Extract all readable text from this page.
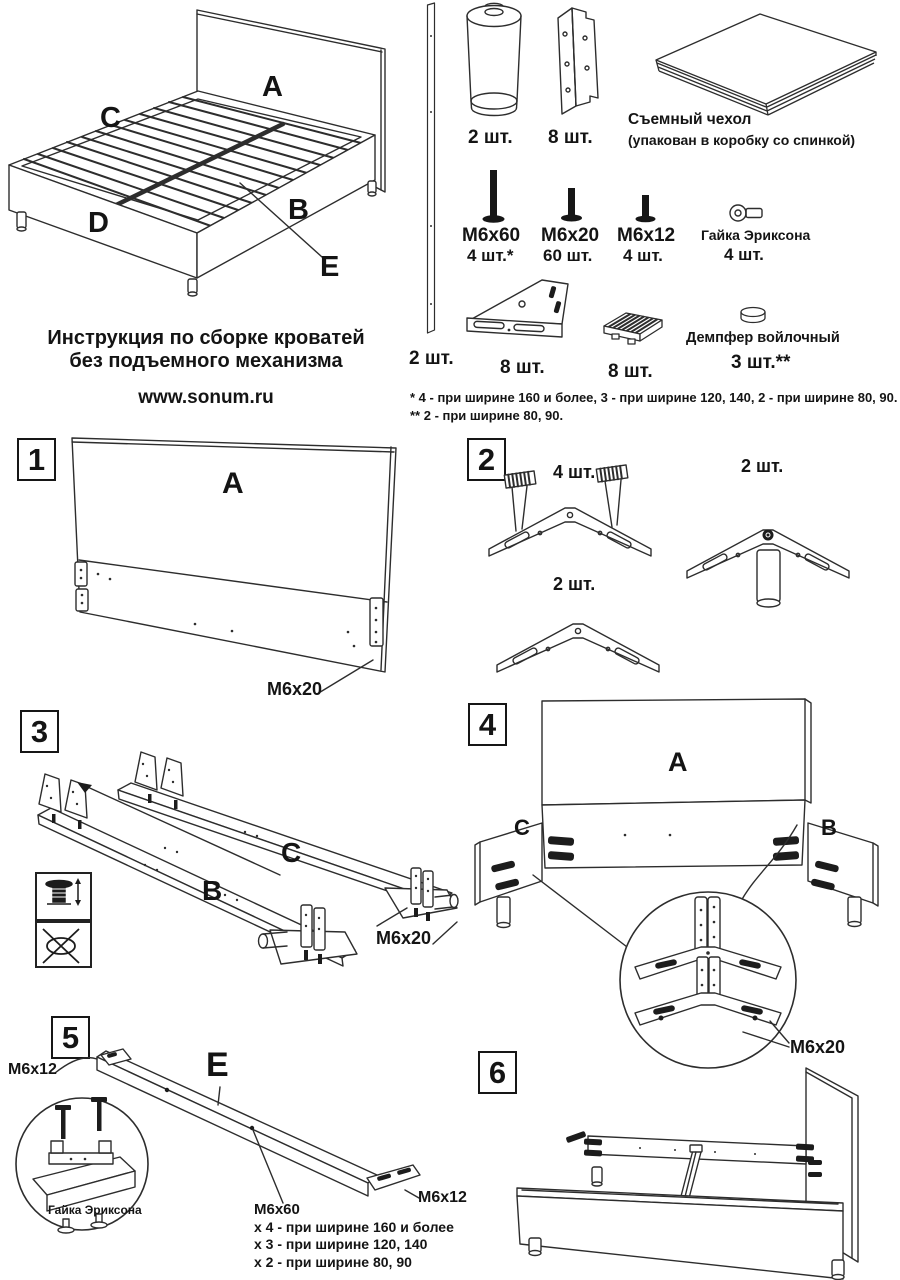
A
C
D	B
E
Инструкция по сборке кроватей
без подъемного механизма
www.sonum.ru
2 шт.
2 шт. 8 шт.
Съемный чехол
(упакован в коробку со спинкой)
M6x60
4 шт.*
M6x20
60 шт.
M6x12
4 шт.
Гайка Эриксона
4 шт.
8 шт.	8 шт.
Демпфер войлочный
3 шт.**
* 4 - при ширине 160 и более, 3 - при ширине 120, 140, 2 - при ширине 80, 90.
** 2 - при ширине 80, 90.
1
A
M6x20
2	4 шт.	2 шт.
2 шт.
3
B
C
M6x20
4
A
C	B
M6x20
5
E
M6x12
M6x12
Гайка Эриксона	M6x60
x 4 - при ширине 160 и более
x 3 - при ширине 120, 140
x 2 - при ширине 80, 90
6
